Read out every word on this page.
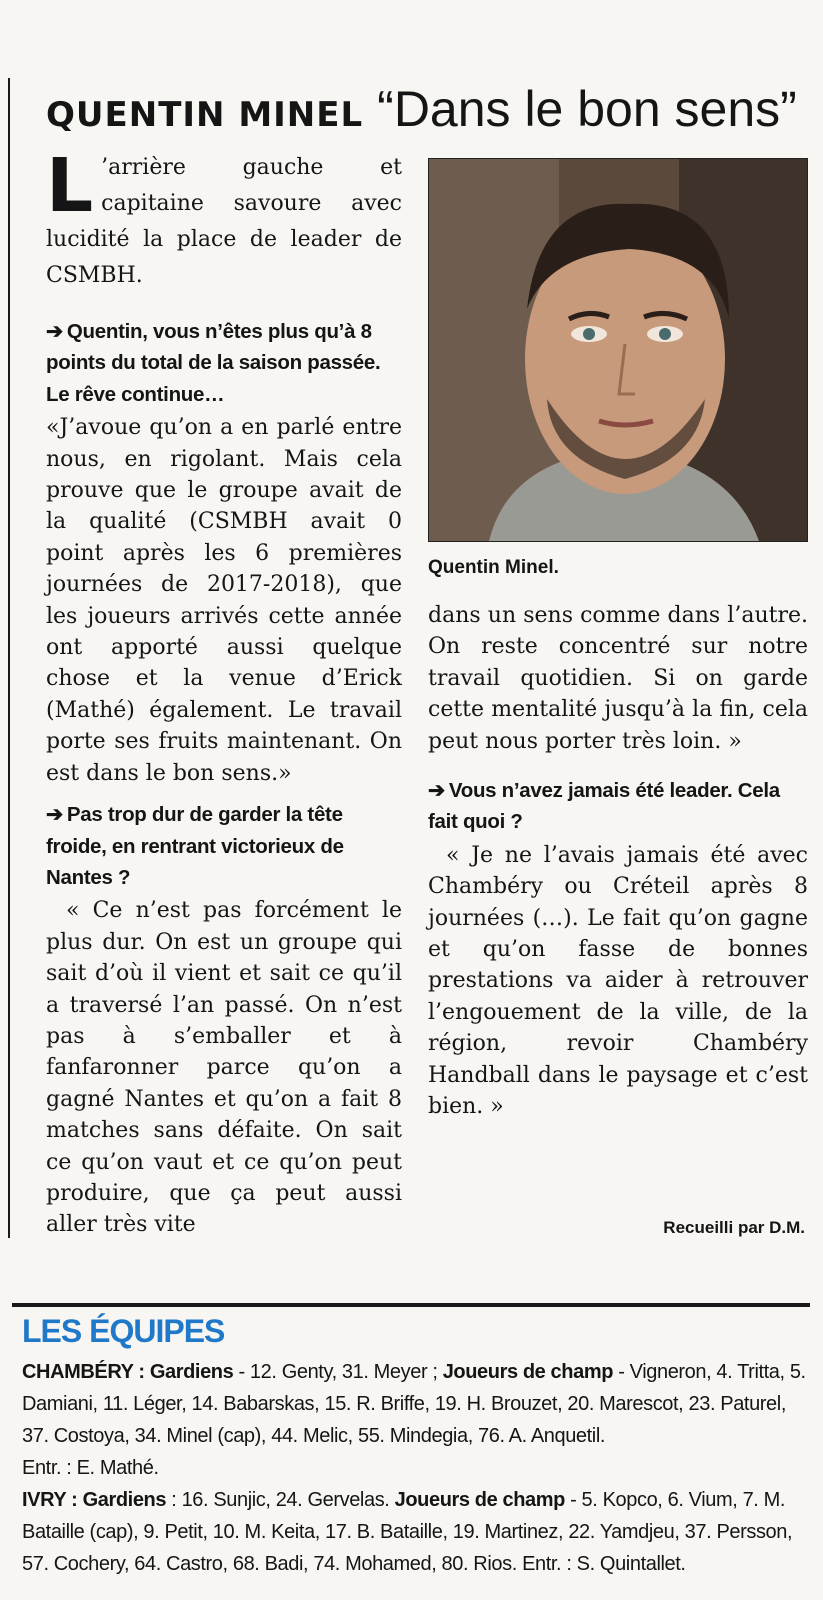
QUENTIN MINEL “Dans le bon sens”

L ’arrière gauche et capitaine savoure avec lucidité la place de leader de CSMBH.

➔ Quentin, vous n’êtes plus qu’à 8 points du total de la saison passée. Le rêve continue…

«J’avoue qu’on a en parlé entre nous, en rigolant. Mais cela prouve que le groupe avait de la qualité (CSMBH avait 0 point après les 6 premières journées de 2017-2018), que les joueurs arrivés cette année ont apporté aussi quelque chose et la venue d’Erick (Mathé) également. Le travail porte ses fruits maintenant. On est dans le bon sens.»

➔ Pas trop dur de garder la tête froide, en rentrant victorieux de Nantes ?

« Ce n’est pas forcément le plus dur. On est un groupe qui sait d’où il vient et sait ce qu’il a traversé l’an passé. On n’est pas à s’emballer et à fanfaronner parce qu’on a gagné Nantes et qu’on a fait 8 matches sans défaite. On sait ce qu’on vaut et ce qu’on peut produire, que ça peut aussi aller très vite

Quentin Minel.

dans un sens comme dans l’autre. On reste concentré sur notre travail quotidien. Si on garde cette mentalité jusqu’à la fin, cela peut nous porter très loin. »

➔ Vous n’avez jamais été leader. Cela fait quoi ?

« Je ne l’avais jamais été avec Chambéry ou Créteil après 8 journées (…). Le fait qu’on gagne et qu’on fasse de bonnes prestations va aider à retrouver l’engouement de la ville, de la région, revoir Chambéry Handball dans le paysage et c’est bien. »

Recueilli par D.M.
LES ÉQUIPES

CHAMBÉRY : Gardiens - 12. Genty, 31. Meyer ; Joueurs de champ - Vigneron, 4. Tritta, 5. Damiani, 11. Léger, 14. Babarskas, 15. R. Briffe, 19. H. Brouzet, 20. Marescot, 23. Paturel, 37. Costoya, 34. Minel (cap), 44. Melic, 55. Mindegia, 76. A. Anquetil.

Entr. : E. Mathé.

IVRY : Gardiens : 16. Sunjic, 24. Gervelas. Joueurs de champ - 5. Kopco, 6. Vium, 7. M. Bataille (cap), 9. Petit, 10. M. Keita, 17. B. Bataille, 19. Martinez, 22. Yamdjeu, 37. Persson, 57. Cochery, 64. Castro, 68. Badi, 74. Mohamed, 80. Rios. Entr. : S. Quintallet.
